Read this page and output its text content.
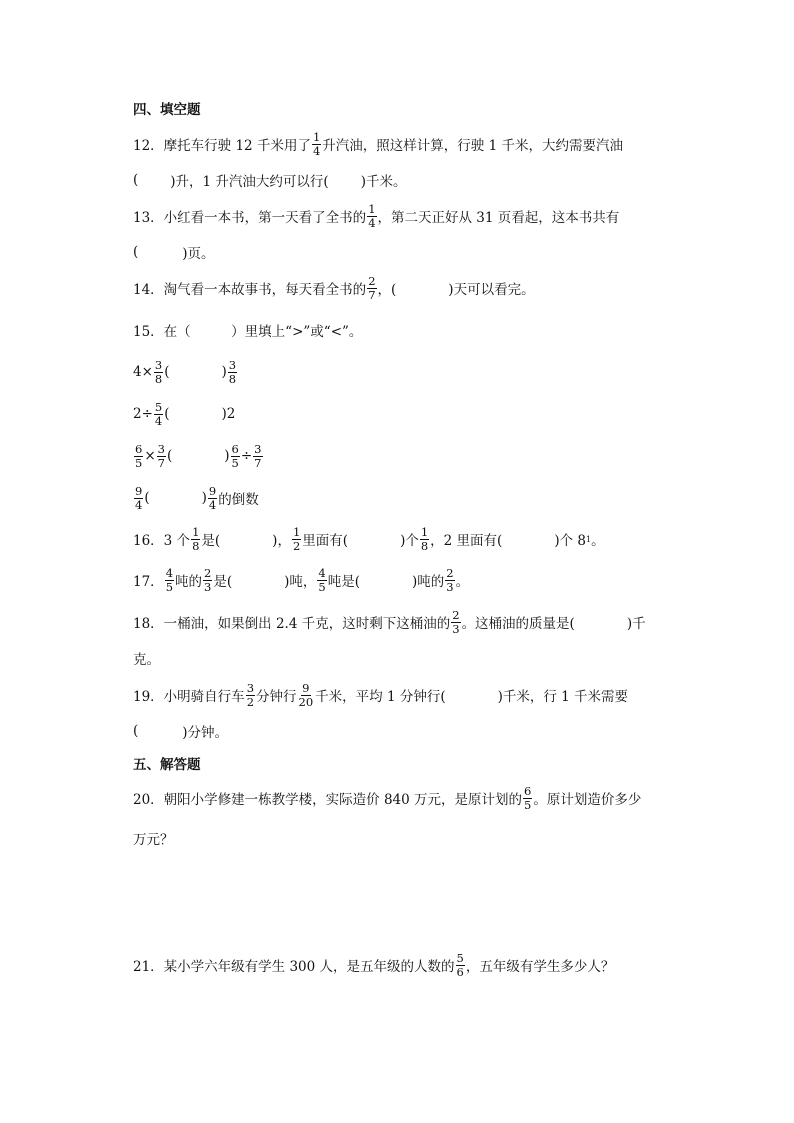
四、填空题
12．摩托车行驶 12 千米用了
1
4 升汽油，照这样计算，行驶 1 千米，大约需要汽油
( )升，1 升汽油大约可以行( )千米。
13．小红看一本书，第一天看了全书的
1
4 ，第二天正好从 31 页看起，这本书共有
(	)页。
14．淘气看一本故事书，每天看全书的
2
7 ，(	)天可以看完。
15．在（　　　）里填上“>”或“<”。
$4\times \frac{3}{8}$ (	) 3
8
$2\div \frac{5}{4}$ (	)2
$\frac{6}{5} \times \frac{3}{7}$ (	) $\frac{6}{5} \div \frac{3}{7}$
9
4 (	) 9
4 的倒数
16．3 个
1
8 是(	)，
1
2 里面有(	)个
1
8 ，2 里面有(	)个 8 1 。
17．
4
5 吨的
2
3 是(	)吨，
4
5 吨是(	)吨的
2
3 。
18．一桶油，如果倒出 2.4 千克，这时剩下这桶油的
2
3 。这桶油的质量是(	)千
克。
19．小明骑自行车
3
2 分钟行
9
20 千米，平均 1 分钟行(	)千米，行 1 千米需要
(	)分钟。
五、解答题
20．朝阳小学修建一栋教学楼，实际造价 840 万元，是原计划的
6
5 。原计划造价多少
万元？
21．某小学六年级有学生 300 人，是五年级的人数的
5
6 ，五年级有学生多少人？
